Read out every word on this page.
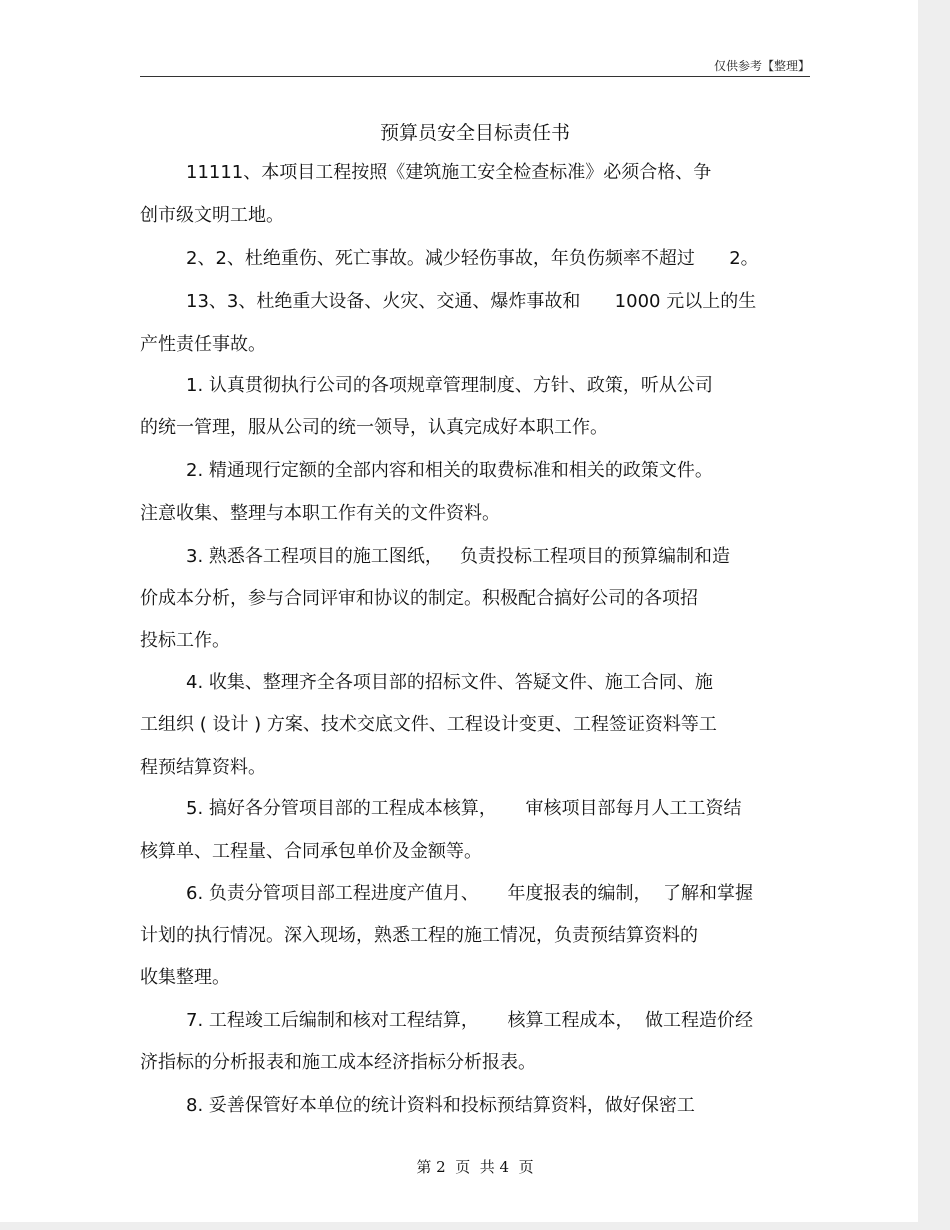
仅供参考【整理】
预算员安全目标责任书
11111、本项目工程按照《建筑施工安全检查标准》必须合格、争
创市级文明工地。
2、2、杜绝重伤、死亡事故。减少轻伤事故，年负伤频率不超过      2。
13、3、杜绝重大设备、火灾、交通、爆炸事故和      1000 元以上的生
产性责任事故。
1. 认真贯彻执行公司的各项规章管理制度、方针、政策，听从公司
的统一管理，服从公司的统一领导，认真完成好本职工作。
2. 精通现行定额的全部内容和相关的取费标准和相关的政策文件。
注意收集、整理与本职工作有关的文件资料。
3. 熟悉各工程项目的施工图纸，   负责投标工程项目的预算编制和造
价成本分析，参与合同评审和协议的制定。积极配合搞好公司的各项招
投标工作。
4. 收集、整理齐全各项目部的招标文件、答疑文件、施工合同、施
工组织 ( 设计 ) 方案、技术交底文件、工程设计变更、工程签证资料等工
程预结算资料。
5. 搞好各分管项目部的工程成本核算，     审核项目部每月人工工资结
核算单、工程量、合同承包单价及金额等。
6. 负责分管项目部工程进度产值月、     年度报表的编制，  了解和掌握
计划的执行情况。深入现场，熟悉工程的施工情况，负责预结算资料的
收集整理。
7. 工程竣工后编制和核对工程结算，     核算工程成本，  做工程造价经
济指标的分析报表和施工成本经济指标分析报表。
8. 妥善保管好本单位的统计资料和投标预结算资料，做好保密工
第 2  页  共 4  页
